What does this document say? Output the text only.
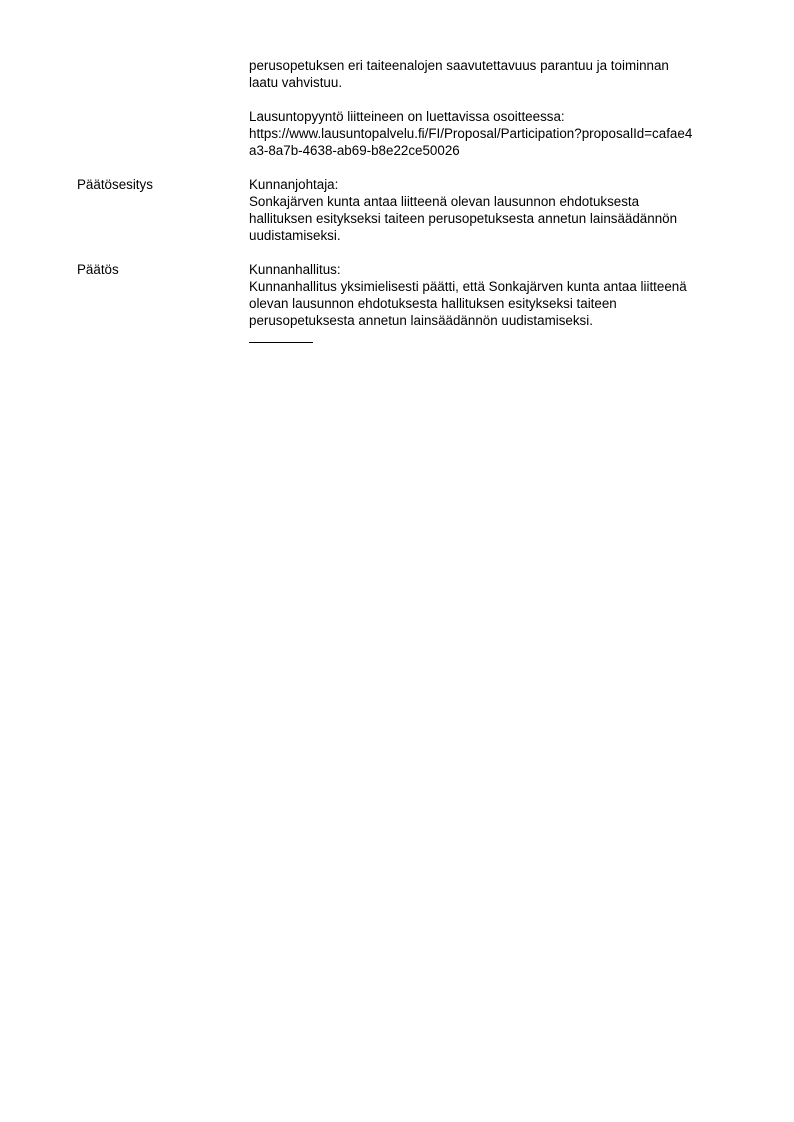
perusopetuksen eri taiteenalojen saavutettavuus parantuu ja toiminnan
laatu vahvistuu.
Lausuntopyyntö liitteineen on luettavissa osoitteessa:
https://www.lausuntopalvelu.fi/FI/Proposal/Participation?proposalId=cafae4
a3-8a7b-4638-ab69-b8e22ce50026
Päätösesitys	Kunnanjohtaja:
Sonkajärven kunta antaa liitteenä olevan lausunnon ehdotuksesta
hallituksen esitykseksi taiteen perusopetuksesta annetun lainsäädännön
uudistamiseksi.
Päätös	Kunnanhallitus:
Kunnanhallitus yksimielisesti päätti, että Sonkajärven kunta antaa liitteenä
olevan lausunnon ehdotuksesta hallituksen esitykseksi taiteen
perusopetuksesta annetun lainsäädännön uudistamiseksi.
